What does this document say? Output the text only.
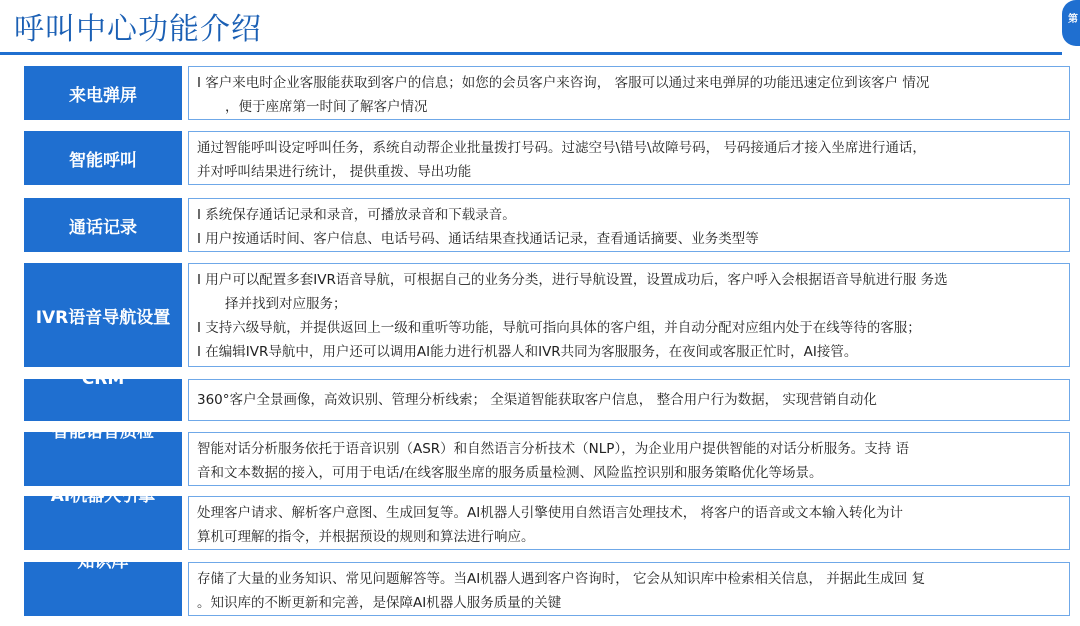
呼叫中心功能介绍	第
来电弹屏

I 客户来电时企业客服能获取到客户的信息；如您的会员客户来咨询， 客服可以通过来电弹屏的功能迅速定位到该客户 情况

，便于座席第一时间了解客户情况

智能呼叫

通过智能呼叫设定呼叫任务，系统自动帮企业批量拨打号码。过滤空号\错号\故障号码， 号码接通后才接入坐席进行通话，

并对呼叫结果进行统计， 提供重拨、导出功能

通话记录

I 系统保存通话记录和录音，可播放录音和下载录音。

I 用户按通话时间、客户信息、电话号码、通话结果查找通话记录，查看通话摘要、业务类型等

IVR语音导航设置

I 用户可以配置多套IVR语音导航，可根据自己的业务分类，进行导航设置，设置成功后，客户呼入会根据语音导航进行服 务选

择并找到对应服务；

I 支持六级导航，并提供返回上一级和重听等功能，导航可指向具体的客户组，并自动分配对应组内处于在线等待的客服；

I 在编辑IVR导航中，用户还可以调用AI能力进行机器人和IVR共同为客服服务，在夜间或客服正忙时，AI接管。

CRM

360°客户全景画像，高效识别、管理分析线索； 全渠道智能获取客户信息， 整合用户行为数据， 实现营销自动化

智能语音质检

智能对话分析服务依托于语音识别（ASR）和自然语言分析技术（NLP），为企业用户提供智能的对话分析服务。支持 语

音和文本数据的接入，可用于电话/在线客服坐席的服务质量检测、风险监控识别和服务策略优化等场景。

AI机器人引擎

处理客户请求、解析客户意图、生成回复等。AI机器人引擎使用自然语言处理技术， 将客户的语音或文本输入转化为计

算机可理解的指令，并根据预设的规则和算法进行响应。

知识库

存储了大量的业务知识、常见问题解答等。当AI机器人遇到客户咨询时， 它会从知识库中检索相关信息， 并据此生成回 复

。知识库的不断更新和完善，是保障AI机器人服务质量的关键
